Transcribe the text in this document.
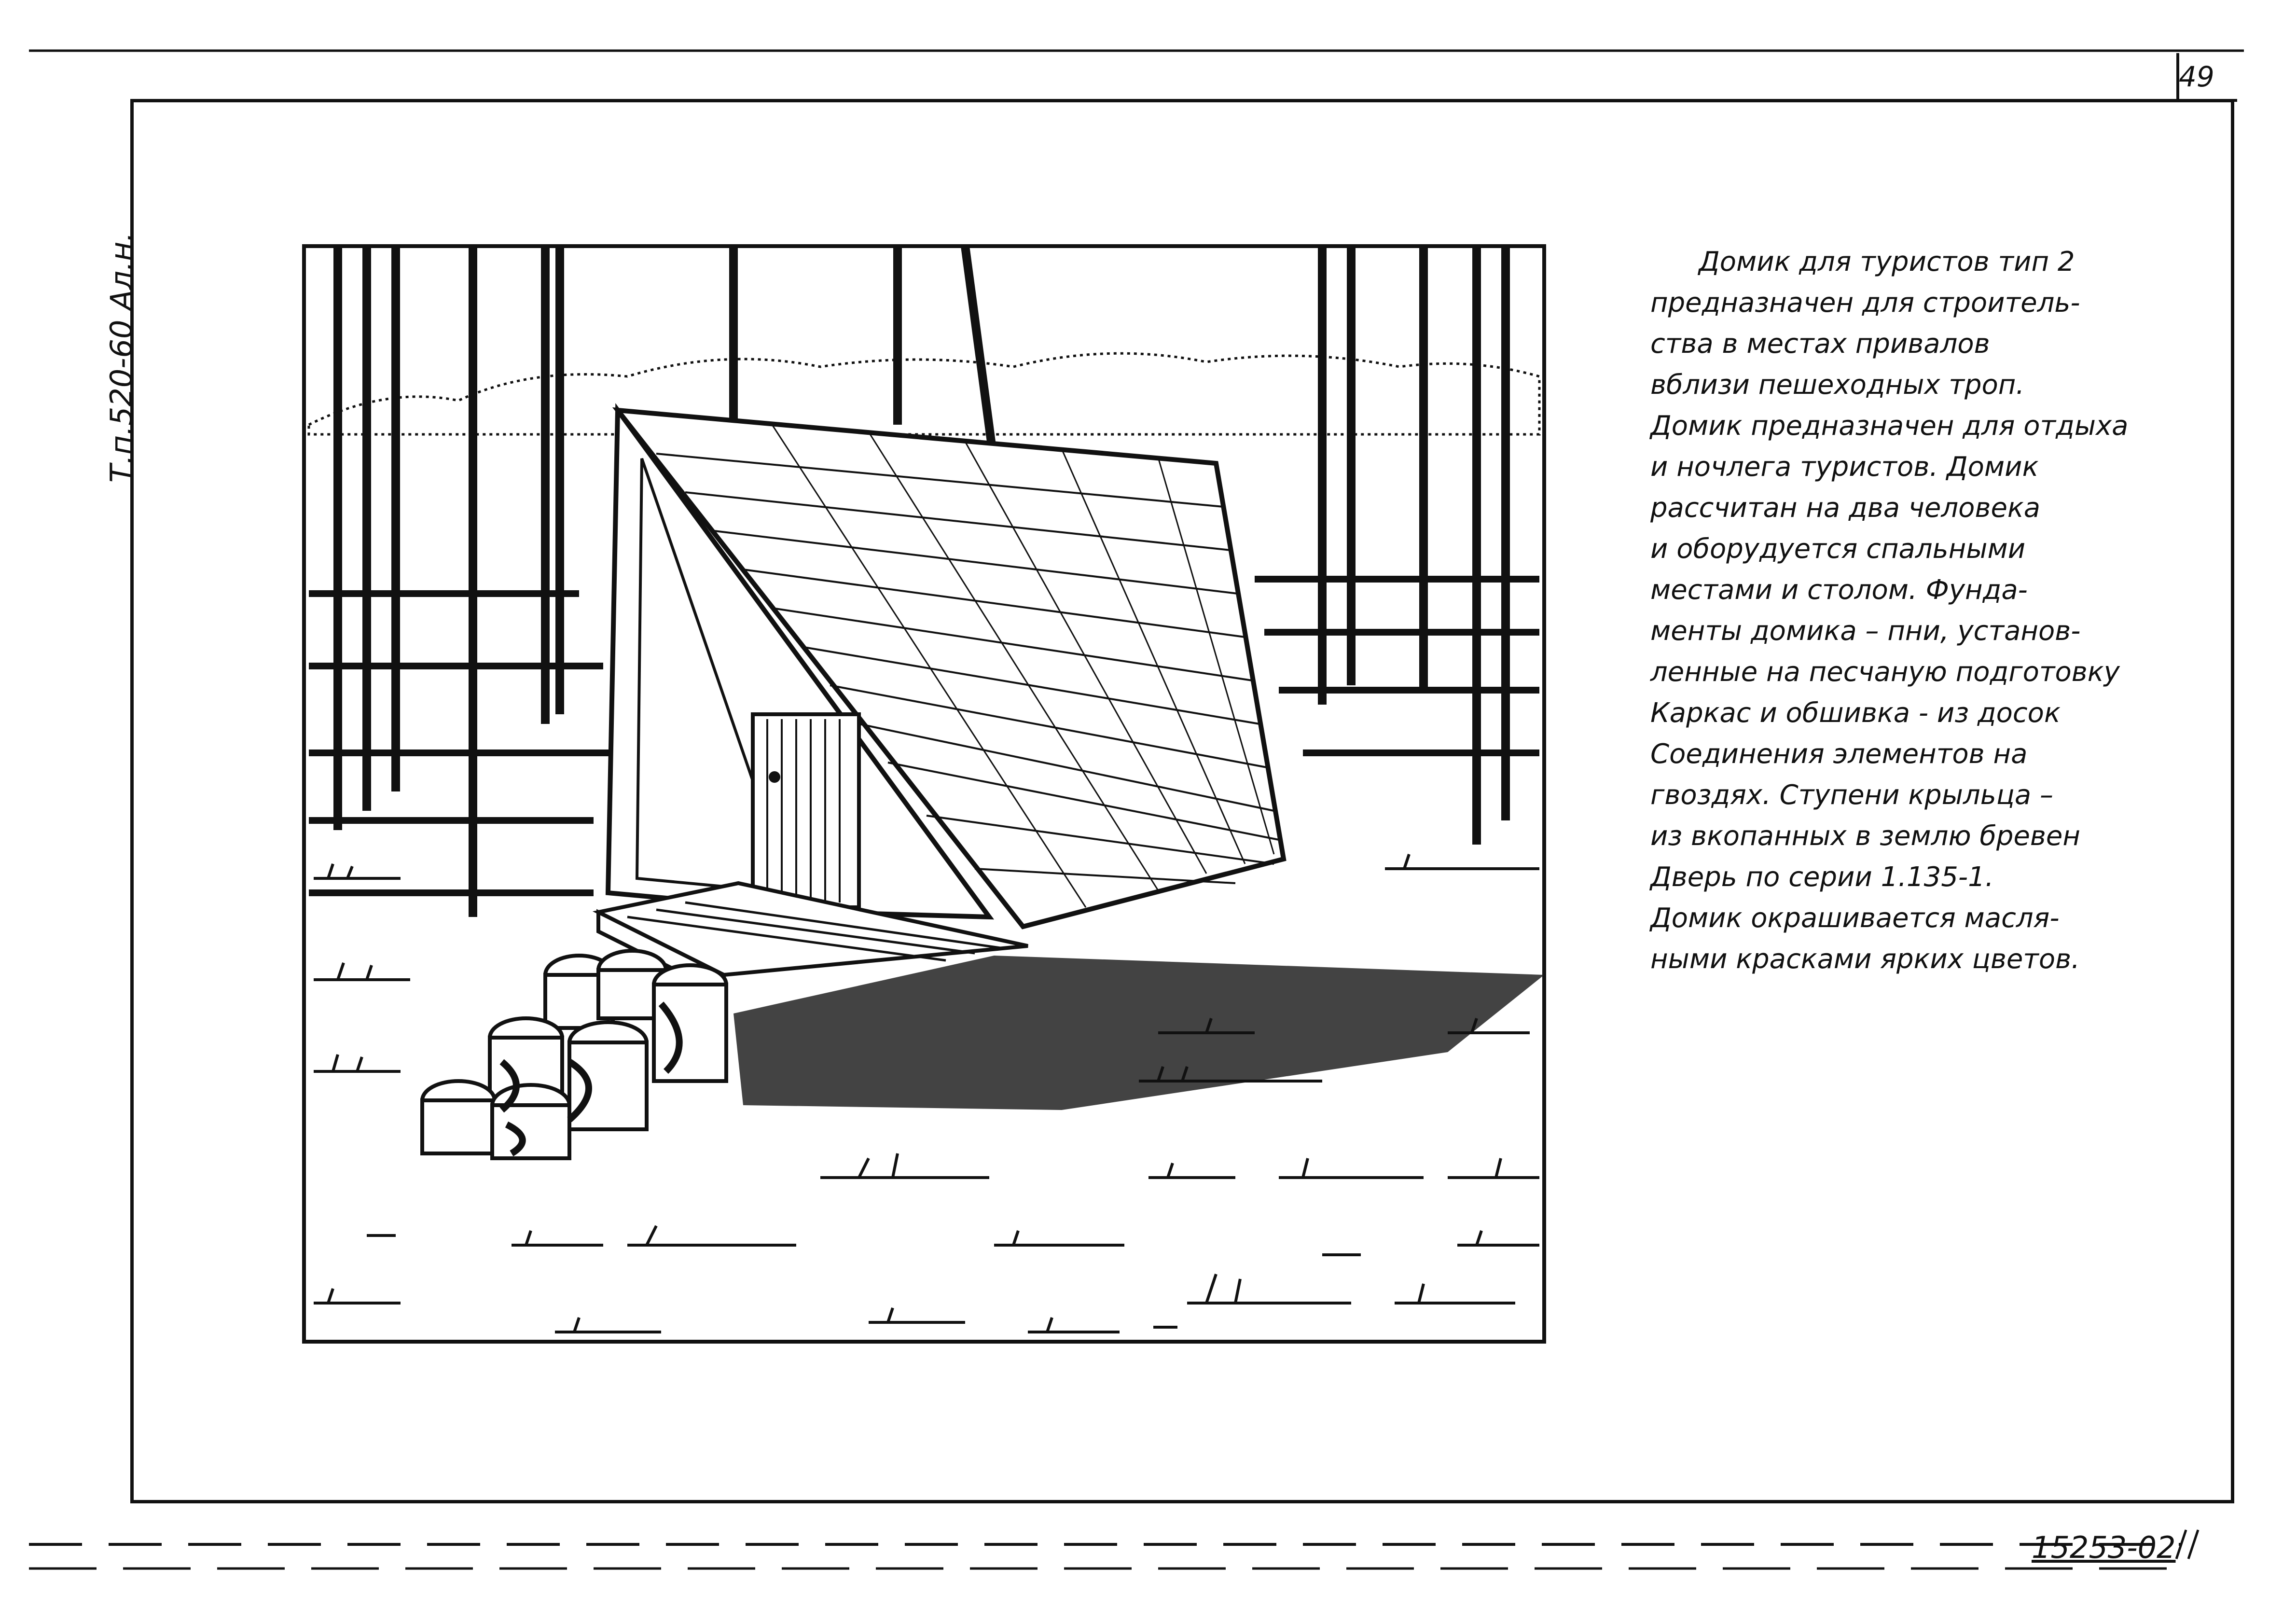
49
Т.п.520-60 Ал.н.	Домик для туристов тип 2
предназначен для строитель-
ства в местах привалов
вблизи пешеходных троп.
Домик предназначен для отдыха
и ночлега туристов. Домик
рассчитан на два человека
и оборудуется спальными
местами и столом. Фунда-
менты домика – пни, установ-
ленные на песчаную подготовку
Каркас и обшивка - из досок
Соединения элементов на
гвоздях. Ступени крыльца –
из вкопанных в землю бревен
Дверь по серии 1.135-1.
Домик окрашивается масля-
ными красками ярких цветов.
15253-02
